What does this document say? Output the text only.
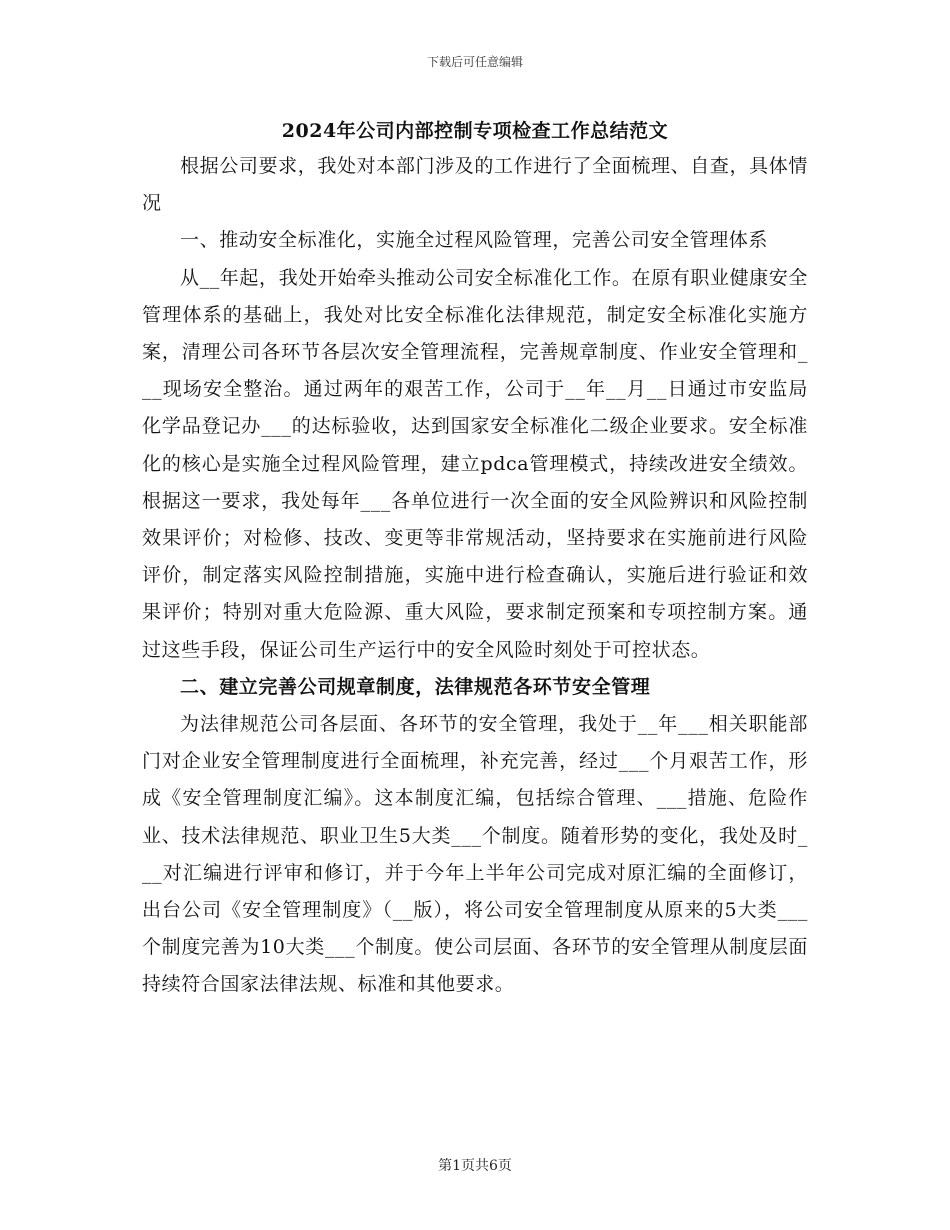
下载后可任意编辑
2024年公司内部控制专项检查工作总结范文

根据公司要求，我处对本部门涉及的工作进行了全面梳理、自查，具体情况

一、推动安全标准化，实施全过程风险管理，完善公司安全管理体系

从__年起，我处开始牵头推动公司安全标准化工作。在原有职业健康安全管理体系的基础上，我处对比安全标准化法律规范，制定安全标准化实施方案，清理公司各环节各层次安全管理流程，完善规章制度、作业安全管理和___现场安全整治。通过两年的艰苦工作，公司于__年__月__日通过市安监局化学品登记办___的达标验收，达到国家安全标准化二级企业要求。安全标准化的核心是实施全过程风险管理，建立pdca管理模式，持续改进安全绩效。根据这一要求，我处每年___各单位进行一次全面的安全风险辨识和风险控制效果评价；对检修、技改、变更等非常规活动，坚持要求在实施前进行风险评价，制定落实风险控制措施，实施中进行检查确认，实施后进行验证和效果评价；特别对重大危险源、重大风险，要求制定预案和专项控制方案。通过这些手段，保证公司生产运行中的安全风险时刻处于可控状态。

二、建立完善公司规章制度，法律规范各环节安全管理

为法律规范公司各层面、各环节的安全管理，我处于__年___相关职能部门对企业安全管理制度进行全面梳理，补充完善，经过___个月艰苦工作，形成《安全管理制度汇编》。这本制度汇编，包括综合管理、___措施、危险作业、技术法律规范、职业卫生5大类___个制度。随着形势的变化，我处及时___对汇编进行评审和修订，并于今年上半年公司完成对原汇编的全面修订，出台公司《安全管理制度》（__版），将公司安全管理制度从原来的5大类___个制度完善为10大类___个制度。使公司层面、各环节的安全管理从制度层面持续符合国家法律法规、标准和其他要求。

第1页共6页
